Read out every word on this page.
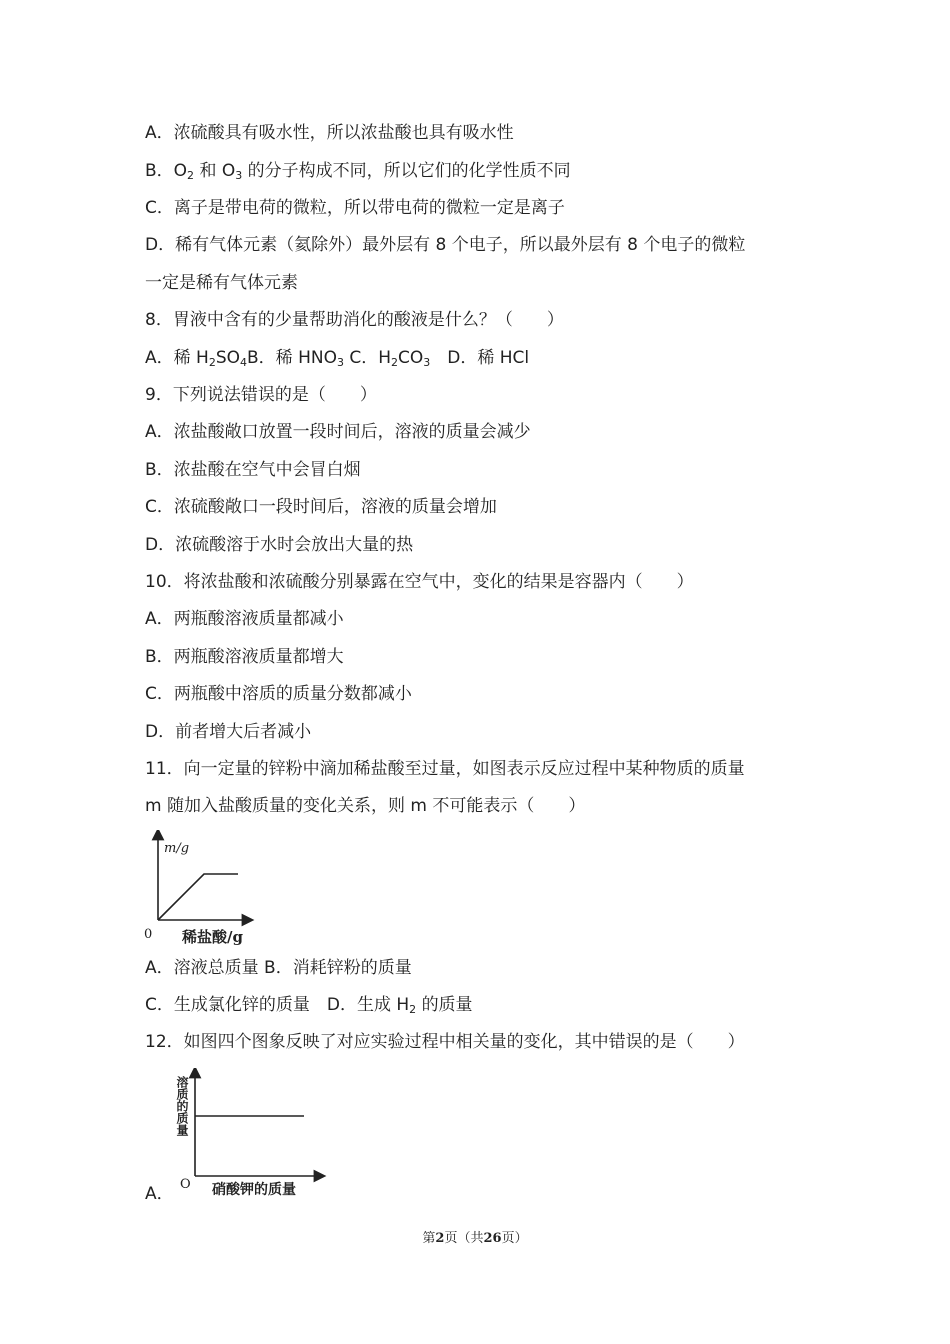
A．浓硫酸具有吸水性，所以浓盐酸也具有吸水性
B．$O_2$ 和 $O_3$ 的分子构成不同，所以它们的化学性质不同
C．离子是带电荷的微粒，所以带电荷的微粒一定是离子
D．稀有气体元素（氦除外）最外层有 8 个电子，所以最外层有 8 个电子的微粒
一定是稀有气体元素
8．胃液中含有的少量帮助消化的酸液是什么？（　　）
A．稀 $H_2SO_4B$．稀 $HNO_3$ C．$H_2CO_3$　D．稀 HCl
9．下列说法错误的是（　　）
A．浓盐酸敞口放置一段时间后，溶液的质量会减少
B．浓盐酸在空气中会冒白烟
C．浓硫酸敞口一段时间后，溶液的质量会增加
D．浓硫酸溶于水时会放出大量的热
10．将浓盐酸和浓硫酸分别暴露在空气中，变化的结果是容器内（　　）
A．两瓶酸溶液质量都减小
B．两瓶酸溶液质量都增大
C．两瓶酸中溶质的质量分数都减小
D．前者增大后者减小
11．向一定量的锌粉中滴加稀盐酸至过量，如图表示反应过程中某种物质的质量
m 随加入盐酸质量的变化关系，则 m 不可能表示（　　）
m/g
0 稀盐酸/g
A．溶液总质量 B．消耗锌粉的质量
C．生成氯化锌的质量　D．生成 $H_2$ 的质量
12．如图四个图象反映了对应实验过程中相关量的变化，其中错误的是（　　）
溶质的质量
O 硝酸钾的质量
A．
第2页（共26页）
